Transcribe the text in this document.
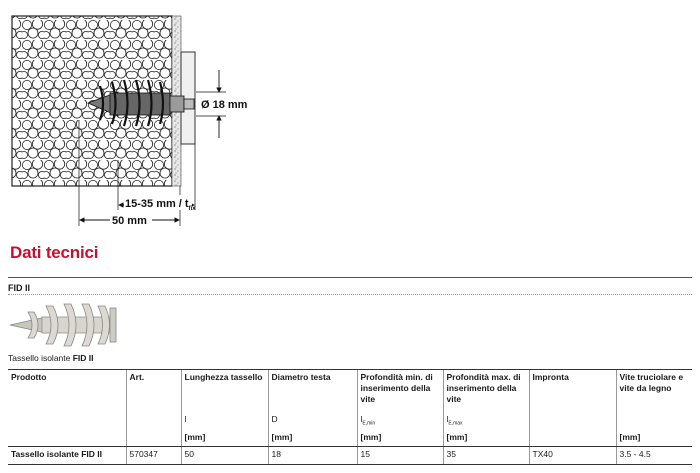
Ø 18 mm
15-35 mm / $t_{fix}$
50 mm
Dati tecnici
FID II
Tassello isolante FID II
Prodotto	Art.	Lunghezza tassello
l
[mm]	Diametro testa
D
[mm]	Profondità min. di inserimento della vite
$l_{E,min}$
[mm]	Profondità max. di inserimento della vite
$l_{E,max}$
[mm]	Impronta	Vite truciolare e vite da legno
[mm]

Tassello isolante FID II	570347	50	18	15	35	TX40	3.5 - 4.5
